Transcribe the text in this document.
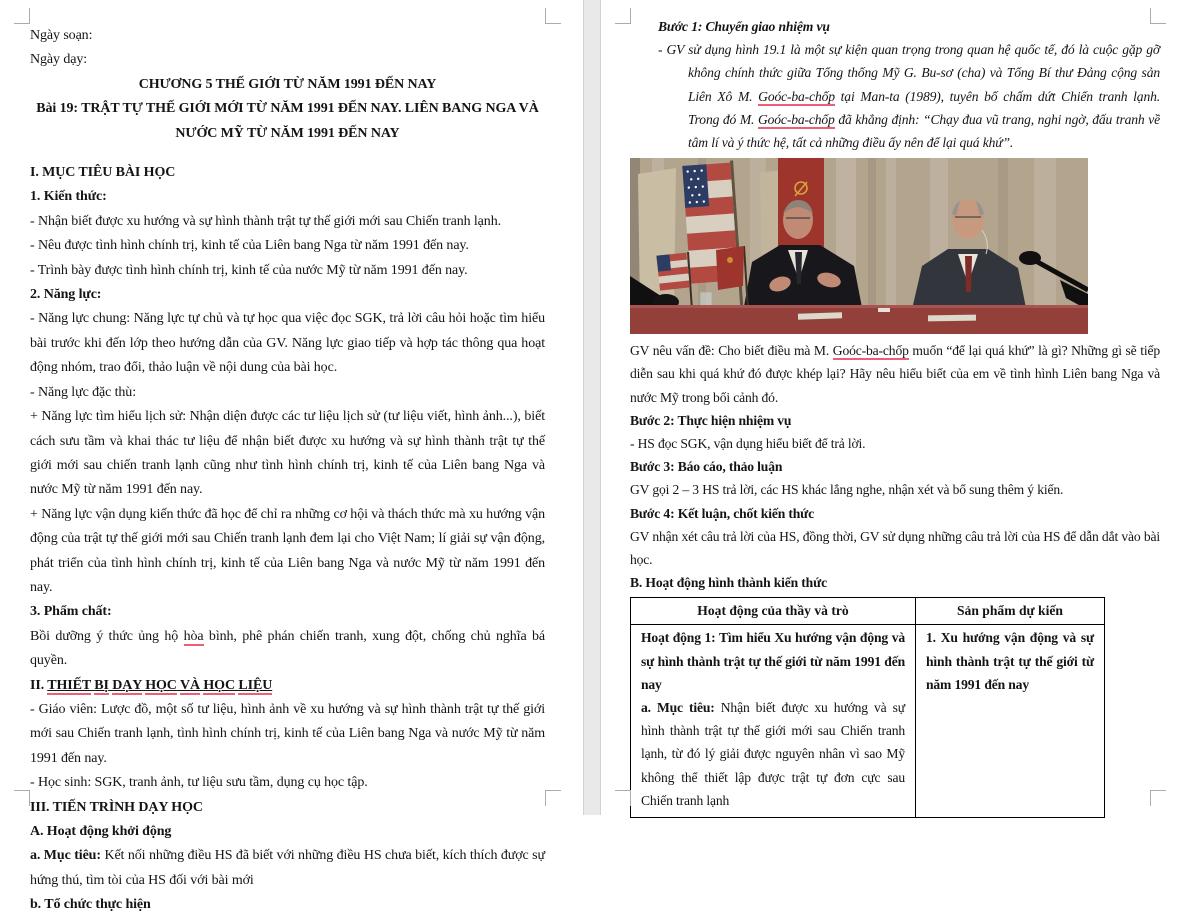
Ngày soạn:

Ngày dạy:

CHƯƠNG 5 THẾ GIỚI TỪ NĂM 1991 ĐẾN NAY

Bài 19: TRẬT TỰ THẾ GIỚI MỚI TỪ NĂM 1991 ĐẾN NAY. LIÊN BANG NGA VÀ NƯỚC MỸ TỪ NĂM 1991 ĐẾN NAY

I. MỤC TIÊU BÀI HỌC

1. Kiến thức:

- Nhận biết được xu hướng và sự hình thành trật tự thế giới mới sau Chiến tranh lạnh.

- Nêu được tình hình chính trị, kinh tế của Liên bang Nga từ năm 1991 đến nay.

- Trình bày được tình hình chính trị, kinh tế của nước Mỹ từ năm 1991 đến nay.

2. Năng lực:

- Năng lực chung: Năng lực tự chủ và tự học qua việc đọc SGK, trả lời câu hỏi hoặc tìm hiểu bài trước khi đến lớp theo hướng dẫn của GV. Năng lực giao tiếp và hợp tác thông qua hoạt động nhóm, trao đổi, thảo luận về nội dung của bài học.

- Năng lực đặc thù:

+ Năng lực tìm hiểu lịch sử: Nhận diện được các tư liệu lịch sử (tư liệu viết, hình ảnh...), biết cách sưu tầm và khai thác tư liệu để nhận biết được xu hướng và sự hình thành trật tự thế giới mới sau chiến tranh lạnh cũng như tình hình chính trị, kinh tế của Liên bang Nga và nước Mỹ từ năm 1991 đến nay.

+ Năng lực vận dụng kiến thức đã học để chỉ ra những cơ hội và thách thức mà xu hướng vận động của trật tự thế giới mới sau Chiến tranh lạnh đem lại cho Việt Nam; lí giải sự vận động, phát triển của tình hình chính trị, kinh tế của Liên bang Nga và nước Mỹ từ năm 1991 đến nay.

3. Phẩm chất:

Bồi dưỡng ý thức ủng hộ hòa bình, phê phán chiến tranh, xung đột, chống chủ nghĩa bá quyền.

II. THIẾT BỊ DẠY HỌC VÀ HỌC LIỆU

- Giáo viên: Lược đồ, một số tư liệu, hình ảnh về xu hướng và sự hình thành trật tự thế giới mới sau Chiến tranh lạnh, tình hình chính trị, kinh tế của Liên bang Nga và nước Mỹ từ năm 1991 đến nay.

- Học sinh: SGK, tranh ảnh, tư liệu sưu tầm, dụng cụ học tập.

III. TIẾN TRÌNH DẠY HỌC

A. Hoạt động khởi động

a. Mục tiêu: Kết nối những điều HS đã biết với những điều HS chưa biết, kích thích được sự hứng thú, tìm tòi của HS đối với bài mới

b. Tổ chức thực hiện

Bước 1: Chuyển giao nhiệm vụ

- GV sử dụng hình 19.1 là một sự kiện quan trọng trong quan hệ quốc tế, đó là cuộc gặp gỡ không chính thức giữa Tổng thống Mỹ G. Bu-sơ (cha) và Tổng Bí thư Đảng cộng sản Liên Xô M. Goóc-ba-chốp tại Man-ta (1989), tuyên bố chấm dứt Chiến tranh lạnh. Trong đó M. Goóc-ba-chốp đã khẳng định: “Chạy đua vũ trang, nghi ngờ, đấu tranh về tâm lí và ý thức hệ, tất cả những điều ấy nên để lại quá khứ”.

GV nêu vấn đề: Cho biết điều mà M. Goóc-ba-chốp muốn “để lại quá khứ” là gì? Những gì sẽ tiếp diễn sau khi quá khứ đó được khép lại? Hãy nêu hiểu biết của em về tình hình Liên bang Nga và nước Mỹ trong bối cảnh đó.

Bước 2: Thực hiện nhiệm vụ

- HS đọc SGK, vận dụng hiểu biết để trả lời.

Bước 3: Báo cáo, thảo luận

GV gọi 2 – 3 HS trả lời, các HS khác lắng nghe, nhận xét và bổ sung thêm ý kiến.

Bước 4: Kết luận, chốt kiến thức

GV nhận xét câu trả lời của HS, đồng thời, GV sử dụng những câu trả lời của HS để dẫn dắt vào bài học.

B. Hoạt động hình thành kiến thức

Hoạt động của thầy và trò	Sản phẩm dự kiến

Hoạt động 1: Tìm hiểu Xu hướng vận động và sự hình thành trật tự thế giới từ năm 1991 đến nay

a. Mục tiêu: Nhận biết được xu hướng và sự hình thành trật tự thế giới mới sau Chiến tranh lạnh, từ đó lý giải được nguyên nhân vì sao Mỹ không thể thiết lập được trật tự đơn cực sau Chiến tranh lạnh	1. Xu hướng vận động và sự hình thành trật tự thế giới từ năm 1991 đến nay
